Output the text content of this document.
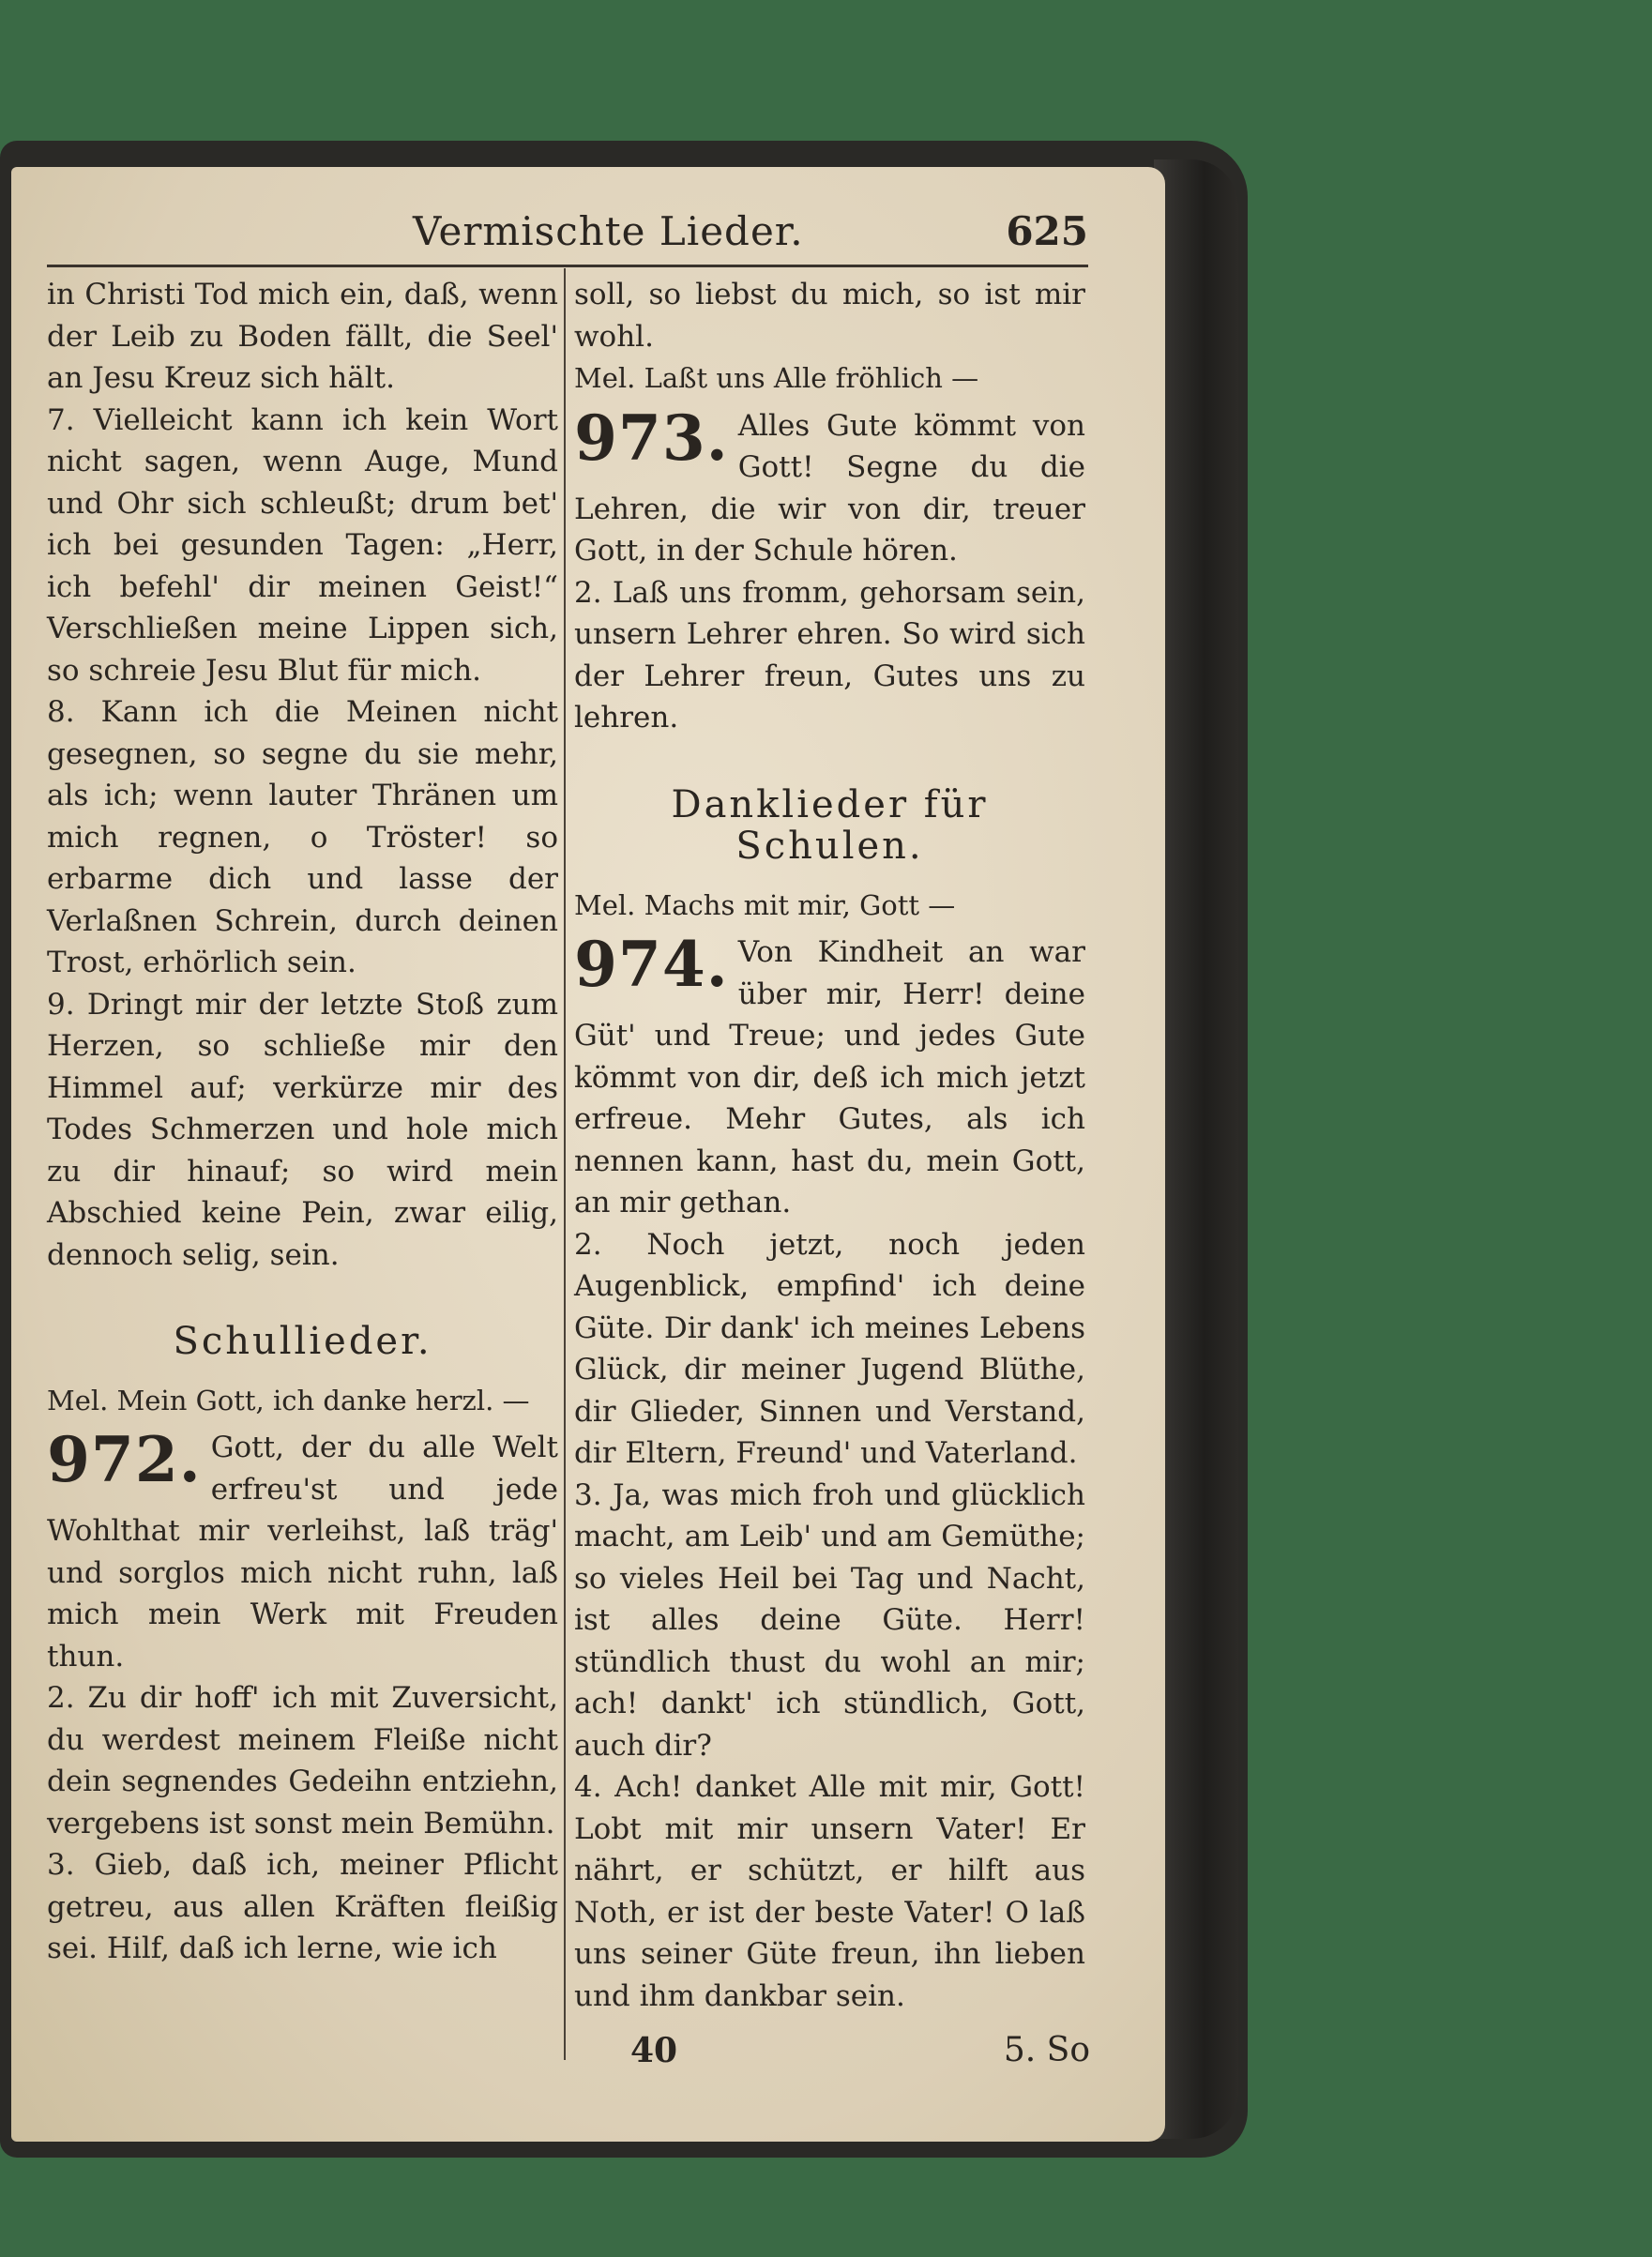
Vermischte Lieder.	625

in Christi Tod mich ein, daß, wenn der Leib zu Boden fällt, die Seel' an Jesu Kreuz sich hält.

7. Vielleicht kann ich kein Wort nicht sagen, wenn Auge, Mund und Ohr sich schleußt; drum bet' ich bei gesunden Tagen: „Herr, ich befehl' dir meinen Geist!“ Verschließen meine Lippen sich, so schreie Jesu Blut für mich.

8. Kann ich die Meinen nicht gesegnen, so segne du sie mehr, als ich; wenn lauter Thränen um mich regnen, o Tröster! so erbarme dich und lasse der Verlaßnen Schrein, durch deinen Trost, erhörlich sein.

9. Dringt mir der letzte Stoß zum Herzen, so schließe mir den Himmel auf; verkürze mir des Todes Schmerzen und hole mich zu dir hinauf; so wird mein Abschied keine Pein, zwar eilig, dennoch selig, sein.

Schullieder.

Mel. Mein Gott, ich danke herzl. —

972. Gott, der du alle Welt erfreu'st und jede Wohlthat mir verleihst, laß träg' und sorglos mich nicht ruhn, laß mich mein Werk mit Freuden thun.

2. Zu dir hoff' ich mit Zuversicht, du werdest meinem Fleiße nicht dein segnendes Gedeihn entziehn, vergebens ist sonst mein Bemühn.

3. Gieb, daß ich, meiner Pflicht getreu, aus allen Kräften fleißig sei. Hilf, daß ich lerne, wie ich

soll, so liebst du mich, so ist mir wohl.

Mel. Laßt uns Alle fröhlich —

973. Alles Gute kömmt von Gott! Segne du die Lehren, die wir von dir, treuer Gott, in der Schule hören.

2. Laß uns fromm, gehorsam sein, unsern Lehrer ehren. So wird sich der Lehrer freun, Gutes uns zu lehren.

Danklieder für Schulen.

Mel. Machs mit mir, Gott —

974. Von Kindheit an war über mir, Herr! deine Güt' und Treue; und jedes Gute kömmt von dir, deß ich mich jetzt erfreue. Mehr Gutes, als ich nennen kann, hast du, mein Gott, an mir gethan.

2. Noch jetzt, noch jeden Augenblick, empfind' ich deine Güte. Dir dank' ich meines Lebens Glück, dir meiner Jugend Blüthe, dir Glieder, Sinnen und Verstand, dir Eltern, Freund' und Vaterland.

3. Ja, was mich froh und glücklich macht, am Leib' und am Gemüthe; so vieles Heil bei Tag und Nacht, ist alles deine Güte. Herr! stündlich thust du wohl an mir; ach! dankt' ich stündlich, Gott, auch dir?

4. Ach! danket Alle mit mir, Gott! Lobt mit mir unsern Vater! Er nährt, er schützt, er hilft aus Noth, er ist der beste Vater! O laß uns seiner Güte freun, ihn lieben und ihm dankbar sein.

40	5. So
